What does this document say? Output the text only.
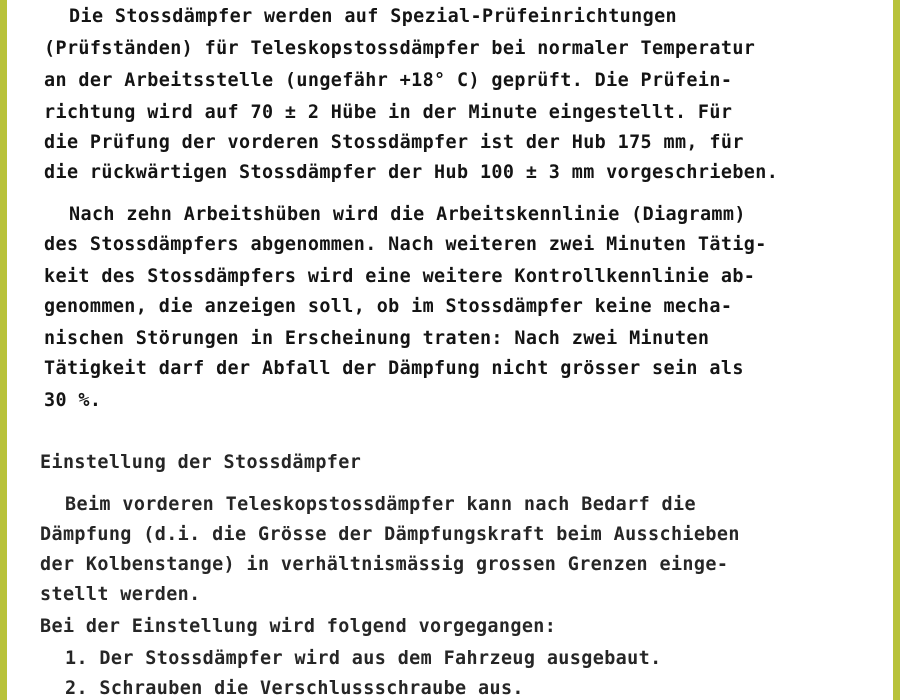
Die Stossdämpfer werden auf Spezial-Prüfeinrichtungen
(Prüfständen) für Teleskopstossdämpfer bei normaler Temperatur
an der Arbeitsstelle (ungefähr +18° C) geprüft. Die Prüfein-
richtung wird auf 70 ± 2 Hübe in der Minute eingestellt. Für
die Prüfung der vorderen Stossdämpfer ist der Hub 175 mm, für
die rückwärtigen Stossdämpfer der Hub 100 ± 3 mm vorgeschrieben.
Nach zehn Arbeitshüben wird die Arbeitskennlinie (Diagramm)
des Stossdämpfers abgenommen. Nach weiteren zwei Minuten Tätig-
keit des Stossdämpfers wird eine weitere Kontrollkennlinie ab-
genommen, die anzeigen soll, ob im Stossdämpfer keine mecha-
nischen Störungen in Erscheinung traten: Nach zwei Minuten
Tätigkeit darf der Abfall der Dämpfung nicht grösser sein als
30 %.
Einstellung der Stossdämpfer
Beim vorderen Teleskopstossdämpfer kann nach Bedarf die
Dämpfung (d.i. die Grösse der Dämpfungskraft beim Ausschieben
der Kolbenstange) in verhältnismässig grossen Grenzen einge-
stellt werden.
Bei der Einstellung wird folgend vorgegangen:
1. Der Stossdämpfer wird aus dem Fahrzeug ausgebaut.
2. Schrauben die Verschlussschraube aus.
